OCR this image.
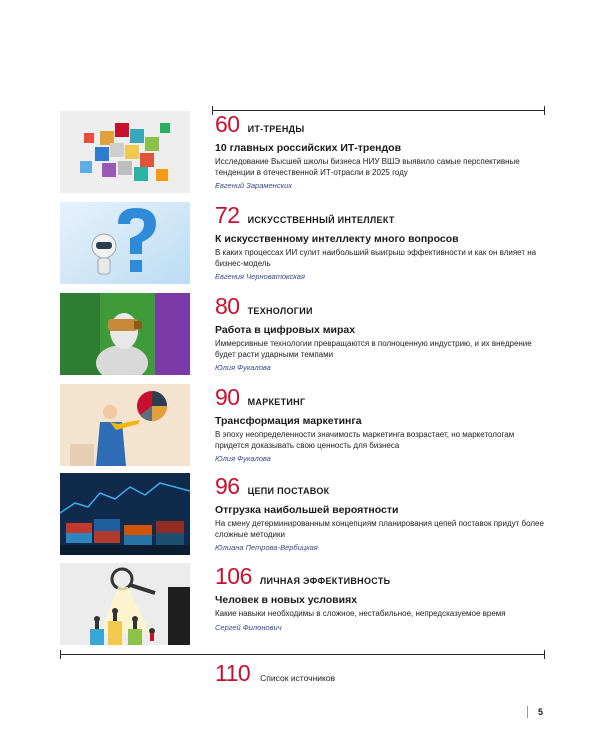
60 ИТ-ТРЕНДЫ
10 главных российских ИТ-трендов
Исследование Высшей школы бизнеса НИУ ВШЭ выявило самые перспективные тенденции в отечественной ИТ-отрасли в 2025 году
Евгений Зараменских
72 ИСКУССТВЕННЫЙ ИНТЕЛЛЕКТ
К искусственному интеллекту много вопросов
В каких процессах ИИ сулит наибольший выигрыш эффективности и как он влияет на бизнес-модель
Евгения Черноватокская
80 ТЕХНОЛОГИИ
Работа в цифровых мирах
Иммерсивные технологии превращаются в полноценную индустрию, и их внедрение будет расти ударными темпами
Юлия Фукалова
90 МАРКЕТИНГ
Трансформация маркетинга
В эпоху неопределенности значимость маркетинга возрастает, но маркетологам придется доказывать свою ценность для бизнеса
Юлия Фукалова
96 ЦЕПИ ПОСТАВОК
Отгрузка наибольшей вероятности
На смену детерминированным концепциям планирования цепей поставок придут более сложные методики
Юлиана Петрова-Вербицкая
106 ЛИЧНАЯ ЭФФЕКТИВНОСТЬ
Человек в новых условиях
Какие навыки необходимы в сложное, нестабильное, непредсказуемое время
Сергей Филонович
110 Список источников
5
